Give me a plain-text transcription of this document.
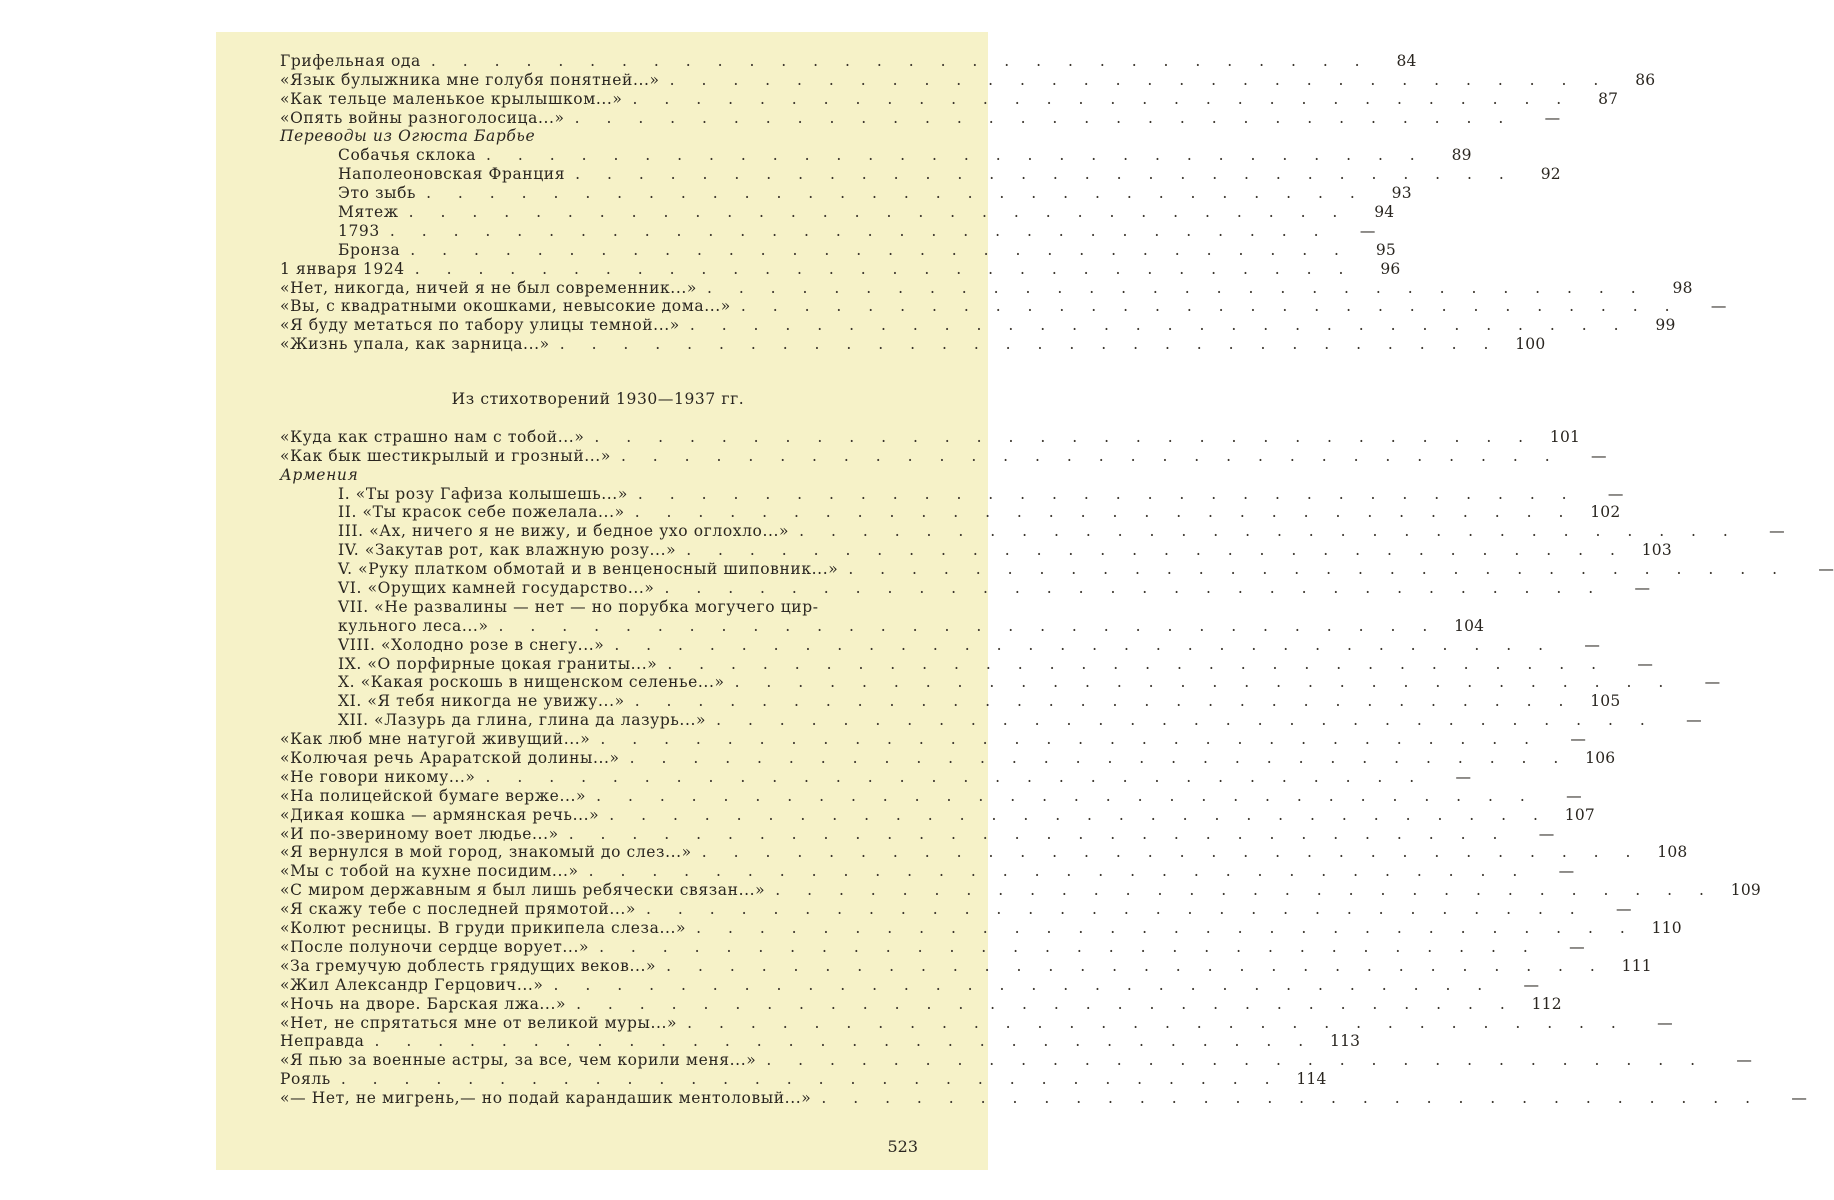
Грифельная ода . . . . . . . . . . . . . . . . . . . . . . . . . . . . . .	84
«Язык булыжника мне голубя понятней...» . . . . . . . . . . . . . . . . . . . . . . . . . . . . . .	86
«Как тельце маленькое крылышком...» . . . . . . . . . . . . . . . . . . . . . . . . . . . . . .	87
«Опять войны разноголосица...» . . . . . . . . . . . . . . . . . . . . . . . . . . . . . .	—
Переводы из Огюста Барбье
Собачья склока . . . . . . . . . . . . . . . . . . . . . . . . . . . . . .	89
Наполеоновская Франция . . . . . . . . . . . . . . . . . . . . . . . . . . . . . .	92
Это зыбь . . . . . . . . . . . . . . . . . . . . . . . . . . . . . .	93
Мятеж . . . . . . . . . . . . . . . . . . . . . . . . . . . . . .	94
1793 . . . . . . . . . . . . . . . . . . . . . . . . . . . . . .	—
Бронза . . . . . . . . . . . . . . . . . . . . . . . . . . . . . .	95
1 января 1924 . . . . . . . . . . . . . . . . . . . . . . . . . . . . . .	96
«Нет, никогда, ничей я не был современник...» . . . . . . . . . . . . . . . . . . . . . . . . . . . . . .	98
«Вы, с квадратными окошками, невысокие дома...» . . . . . . . . . . . . . . . . . . . . . . . . . . . . . .	—
«Я буду метаться по табору улицы темной...» . . . . . . . . . . . . . . . . . . . . . . . . . . . . . .	99
«Жизнь упала, как зарница...» . . . . . . . . . . . . . . . . . . . . . . . . . . . . . .	100
Из стихотворений 1930—1937 гг.
«Куда как страшно нам с тобой...» . . . . . . . . . . . . . . . . . . . . . . . . . . . . . .	101
«Как бык шестикрылый и грозный...» . . . . . . . . . . . . . . . . . . . . . . . . . . . . . .	—
Армения
I. «Ты розу Гафиза колышешь...» . . . . . . . . . . . . . . . . . . . . . . . . . . . . . .	—
II. «Ты красок себе пожелала...» . . . . . . . . . . . . . . . . . . . . . . . . . . . . . .	102
III. «Ах, ничего я не вижу, и бедное ухо оглохло...» . . . . . . . . . . . . . . . . . . . . . . . . . . . . . .	—
IV. «Закутав рот, как влажную розу...» . . . . . . . . . . . . . . . . . . . . . . . . . . . . . .	103
V. «Руку платком обмотай и в венценосный шиповник...» . . . . . . . . . . . . . . . . . . . . . . . . . . . . . .	—
VI. «Орущих камней государство...» . . . . . . . . . . . . . . . . . . . . . . . . . . . . . .	—
VII. «Не развалины — нет — но порубка могучего цир-
кульного леса...» . . . . . . . . . . . . . . . . . . . . . . . . . . . . . .	104
VIII. «Холодно розе в снегу...» . . . . . . . . . . . . . . . . . . . . . . . . . . . . . .	—
IX. «О порфирные цокая граниты...» . . . . . . . . . . . . . . . . . . . . . . . . . . . . . .	—
X. «Какая роскошь в нищенском селенье...» . . . . . . . . . . . . . . . . . . . . . . . . . . . . . .	—
XI. «Я тебя никогда не увижу...» . . . . . . . . . . . . . . . . . . . . . . . . . . . . . .	105
XII. «Лазурь да глина, глина да лазурь...» . . . . . . . . . . . . . . . . . . . . . . . . . . . . . .	—
«Как люб мне натугой живущий...» . . . . . . . . . . . . . . . . . . . . . . . . . . . . . .	—
«Колючая речь Араратской долины...» . . . . . . . . . . . . . . . . . . . . . . . . . . . . . .	106
«Не говори никому...» . . . . . . . . . . . . . . . . . . . . . . . . . . . . . .	—
«На полицейской бумаге верже...» . . . . . . . . . . . . . . . . . . . . . . . . . . . . . .	—
«Дикая кошка — армянская речь...» . . . . . . . . . . . . . . . . . . . . . . . . . . . . . .	107
«И по-звериному воет людье...» . . . . . . . . . . . . . . . . . . . . . . . . . . . . . .	—
«Я вернулся в мой город, знакомый до слез...» . . . . . . . . . . . . . . . . . . . . . . . . . . . . . .	108
«Мы с тобой на кухне посидим...» . . . . . . . . . . . . . . . . . . . . . . . . . . . . . .	—
«С миром державным я был лишь ребячески связан...» . . . . . . . . . . . . . . . . . . . . . . . . . . . . . .	109
«Я скажу тебе с последней прямотой...» . . . . . . . . . . . . . . . . . . . . . . . . . . . . . .	—
«Колют ресницы. В груди прикипела слеза...» . . . . . . . . . . . . . . . . . . . . . . . . . . . . . .	110
«После полуночи сердце ворует...» . . . . . . . . . . . . . . . . . . . . . . . . . . . . . .	—
«За гремучую доблесть грядущих веков...» . . . . . . . . . . . . . . . . . . . . . . . . . . . . . .	111
«Жил Александр Герцович...» . . . . . . . . . . . . . . . . . . . . . . . . . . . . . .	—
«Ночь на дворе. Барская лжа...» . . . . . . . . . . . . . . . . . . . . . . . . . . . . . .	112
«Нет, не спрятаться мне от великой муры...» . . . . . . . . . . . . . . . . . . . . . . . . . . . . . .	—
Неправда . . . . . . . . . . . . . . . . . . . . . . . . . . . . . .	113
«Я пью за военные астры, за все, чем корили меня...» . . . . . . . . . . . . . . . . . . . . . . . . . . . . . .	—
Рояль . . . . . . . . . . . . . . . . . . . . . . . . . . . . . .	114
«— Нет, не мигрень,— но подай карандашик ментоловый...» . . . . . . . . . . . . . . . . . . . . . . . . . . . . . .	—
523
